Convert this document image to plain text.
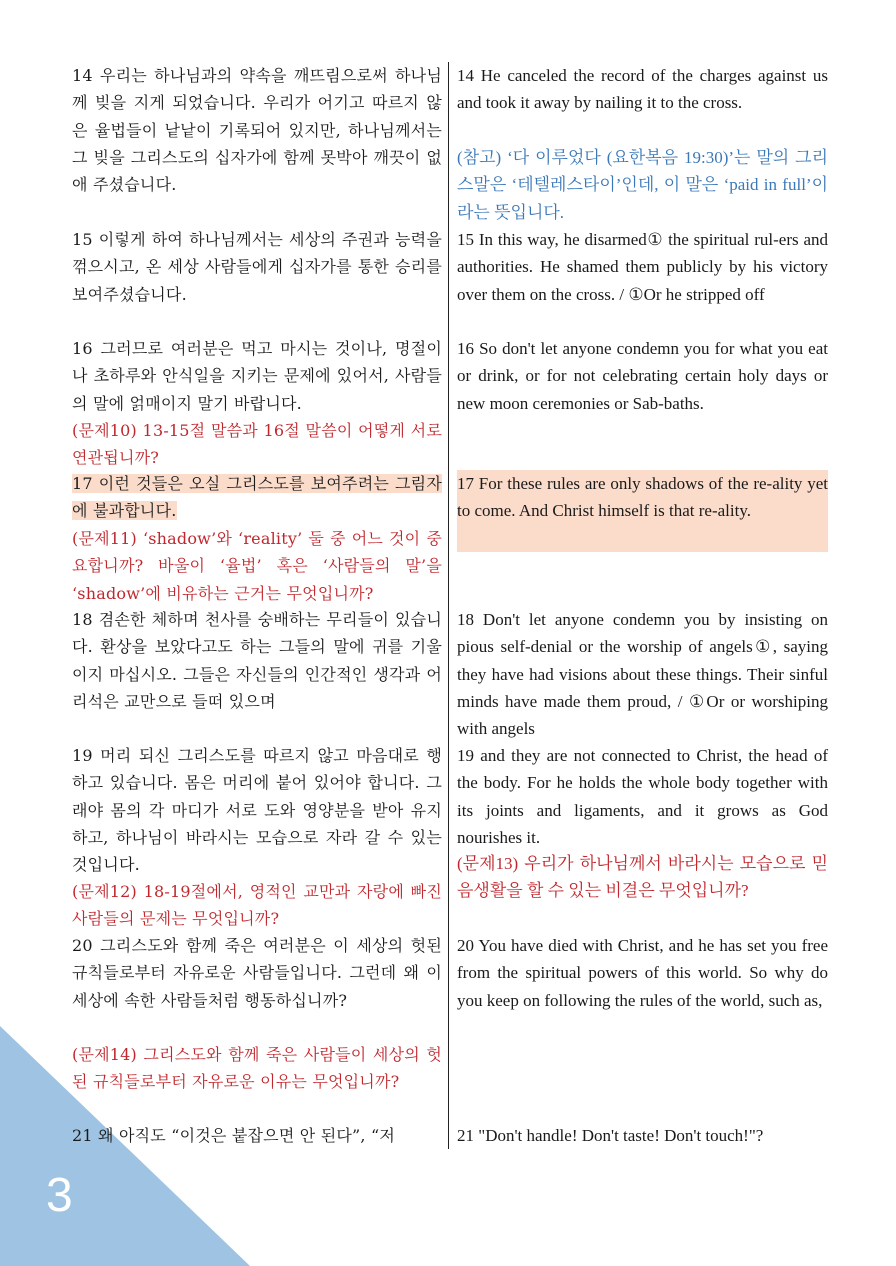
3

14 우리는 하나님과의 약속을 깨뜨림으로써 하나님께 빚을 지게 되었습니다. 우리가 어기고 따르지 않은 율법들이 낱낱이 기록되어 있지만, 하나님께서는 그 빚을 그리스도의 십자가에 함께 못박아 깨끗이 없애 주셨습니다.

15 이렇게 하여 하나님께서는 세상의 주권과 능력을 꺾으시고, 온 세상 사람들에게 십자가를 통한 승리를 보여주셨습니다.

16 그러므로 여러분은 먹고 마시는 것이나, 명절이나 초하루와 안식일을 지키는 문제에 있어서, 사람들의 말에 얽매이지 말기 바랍니다.

(문제10) 13-15절 말씀과 16절 말씀이 어떻게 서로 연관됩니까?

17 이런 것들은 오실 그리스도를 보여주려는 그림자에 불과합니다.

(문제11) ‘shadow’와 ‘reality’ 둘 중 어느 것이 중요합니까? 바울이 ‘율법’ 혹은 ‘사람들의 말’을 ‘shadow’에 비유하는 근거는 무엇입니까?

18 겸손한 체하며 천사를 숭배하는 무리들이 있습니다. 환상을 보았다고도 하는 그들의 말에 귀를 기울이지 마십시오. 그들은 자신들의 인간적인 생각과 어리석은 교만으로 들떠 있으며

19 머리 되신 그리스도를 따르지 않고 마음대로 행하고 있습니다. 몸은 머리에 붙어 있어야 합니다. 그래야 몸의 각 마디가 서로 도와 영양분을 받아 유지하고, 하나님이 바라시는 모습으로 자라 갈 수 있는 것입니다.

(문제12) 18-19절에서, 영적인 교만과 자랑에 빠진 사람들의 문제는 무엇입니까?

20 그리스도와 함께 죽은 여러분은 이 세상의 헛된 규칙들로부터 자유로운 사람들입니다. 그런데 왜 이 세상에 속한 사람들처럼 행동하십니까?

(문제14) 그리스도와 함께 죽은 사람들이 세상의 헛된 규칙들로부터 자유로운 이유는 무엇입니까?

21 왜 아직도 “이것은 붙잡으면 안 된다”, “저

14 He canceled the record of the charges against us and took it away by nailing it to the cross.

(참고) ‘다 이루었다 (요한복음 19:30)’는 말의 그리스말은 ‘테텔레스타이’인데, 이 말은 ‘paid in full’이라는 뜻입니다.

15 In this way, he disarmed① the spiritual rul-ers and authorities. He shamed them publicly by his victory over them on the cross. / ①Or he stripped off

16 So don't let anyone condemn you for what you eat or drink, or for not celebrating certain holy days or new moon ceremonies or Sab-baths.

17 For these rules are only shadows of the re-ality yet to come. And Christ himself is that re-ality.

18 Don't let anyone condemn you by insisting on pious self-denial or the worship of angels①, saying they have had visions about these things. Their sinful minds have made them proud, / ①Or or worshiping with angels

19 and they are not connected to Christ, the head of the body. For he holds the whole body together with its joints and ligaments, and it grows as God nourishes it.

(문제13) 우리가 하나님께서 바라시는 모습으로 믿음생활을 할 수 있는 비결은 무엇입니까?

20 You have died with Christ, and he has set you free from the spiritual powers of this world. So why do you keep on following the rules of the world, such as,

21 "Don't handle! Don't taste! Don't touch!"?
